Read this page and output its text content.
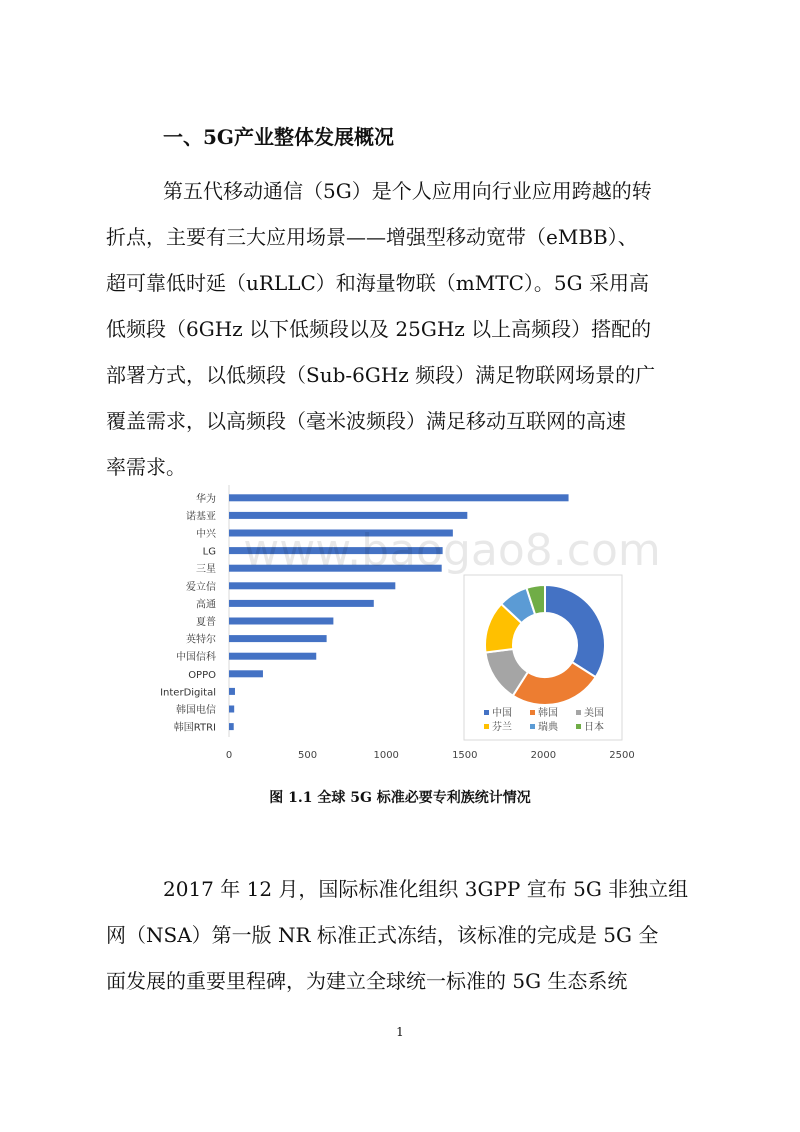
一、5G产业整体发展概况
第五代移动通信（5G）是个人应用向行业应用跨越的转
折点，主要有三大应用场景——增强型移动宽带（eMBB）、
超可靠低时延（uRLLC）和海量物联（mMTC）。5G 采用高
低频段（6GHz 以下低频段以及 25GHz 以上高频段）搭配的
部署方式，以低频段（Sub-6GHz 频段）满足物联网场景的广
覆盖需求，以高频段（毫米波频段）满足移动互联网的高速
率需求。
华为
诺基亚
中兴
LG
三星
爱立信
高通
夏普
英特尔
中国信科
OPPO
InterDigital
韩国电信
韩国RTRI
0	500	1000	1500	2000	2500
中国	韩国	美国
芬兰	瑞典	日本
www.baogao8.com

图 1.1 全球 5G 标准必要专利族统计情况

2017 年 12 月，国际标准化组织 3GPP 宣布 5G 非独立组
网（NSA）第一版 NR 标准正式冻结，该标准的完成是 5G 全
面发展的重要里程碑，为建立全球统一标准的 5G 生态系统
1
